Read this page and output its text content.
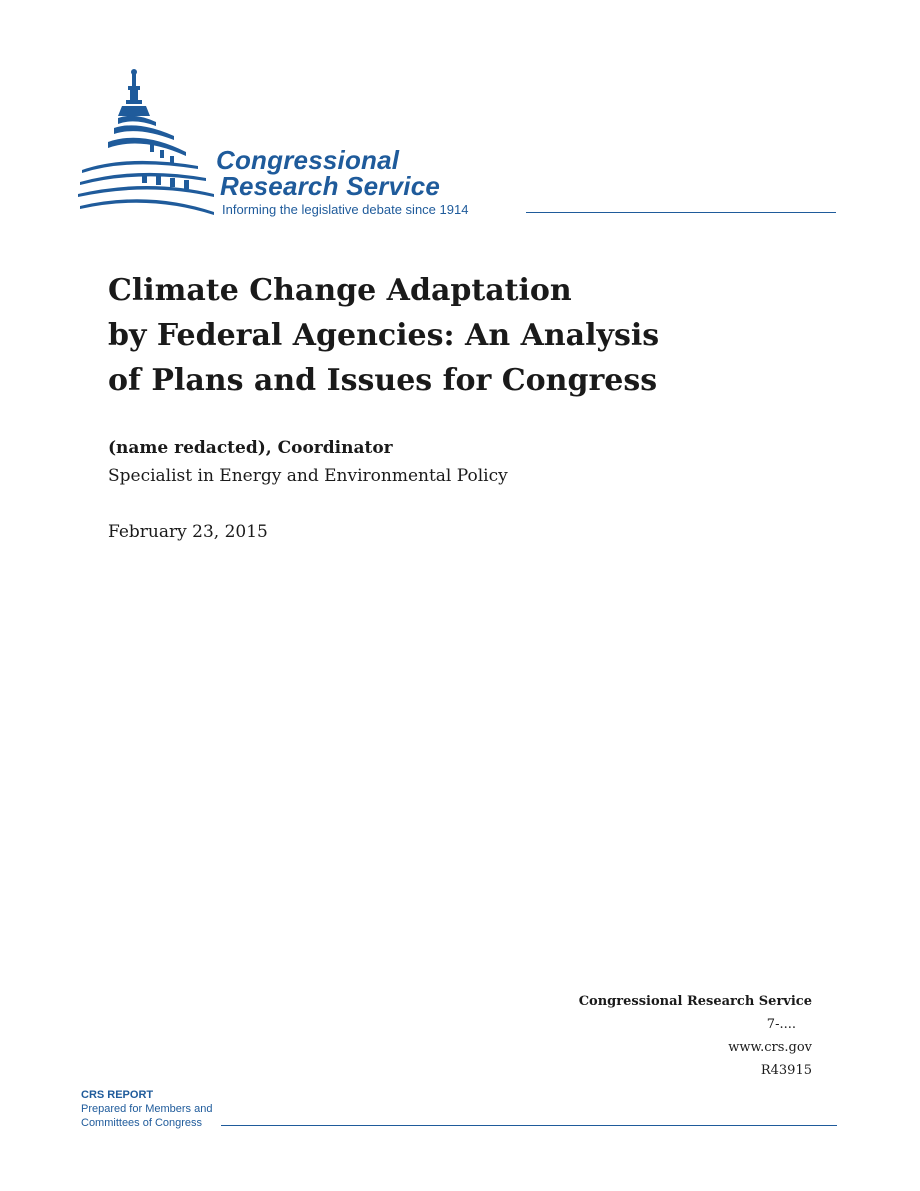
Congressional
Research Service
Informing the legislative debate since 1914
Climate Change Adaptation
by Federal Agencies: An Analysis
of Plans and Issues for Congress
(name redacted), Coordinator
Specialist in Energy and Environmental Policy
February 23, 2015
Congressional Research Service
7-....
www.crs.gov
R43915
CRS REPORT
Prepared for Members and
Committees of Congress
